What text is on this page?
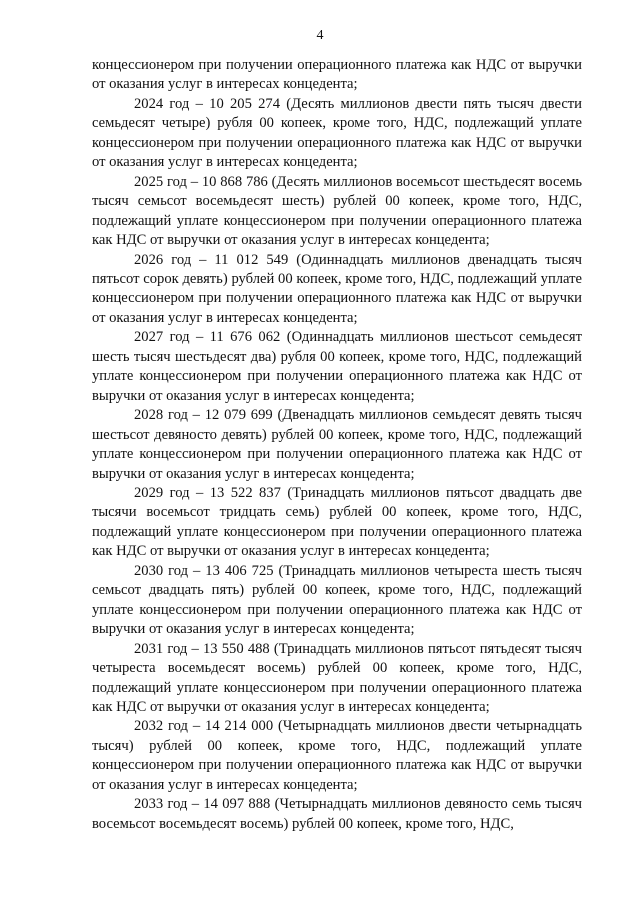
4

концессионером при получении операционного платежа как НДС от выручки от оказания услуг в интересах концедента;

2024 год – 10 205 274 (Десять миллионов двести пять тысяч двести семьдесят четыре) рубля 00 копеек, кроме того, НДС, подлежащий уплате концессионером при получении операционного платежа как НДС от выручки от оказания услуг в интересах концедента;

2025 год – 10 868 786 (Десять миллионов восемьсот шестьдесят восемь тысяч семьсот восемьдесят шесть) рублей 00 копеек, кроме того, НДС, подлежащий уплате концессионером при получении операционного платежа как НДС от выручки от оказания услуг в интересах концедента;

2026 год – 11 012 549 (Одиннадцать миллионов двенадцать тысяч пятьсот сорок девять) рублей 00 копеек, кроме того, НДС, подлежащий уплате концессионером при получении операционного платежа как НДС от выручки от оказания услуг в интересах концедента;

2027 год – 11 676 062 (Одиннадцать миллионов шестьсот семьдесят шесть тысяч шестьдесят два) рубля 00 копеек, кроме того, НДС, подлежащий уплате концессионером при получении операционного платежа как НДС от выручки от оказания услуг в интересах концедента;

2028 год – 12 079 699 (Двенадцать миллионов семьдесят девять тысяч шестьсот девяносто девять) рублей 00 копеек, кроме того, НДС, подлежащий уплате концессионером при получении операционного платежа как НДС от выручки от оказания услуг в интересах концедента;

2029 год – 13 522 837 (Тринадцать миллионов пятьсот двадцать две тысячи восемьсот тридцать семь) рублей 00 копеек, кроме того, НДС, подлежащий уплате концессионером при получении операционного платежа как НДС от выручки от оказания услуг в интересах концедента;

2030 год – 13 406 725 (Тринадцать миллионов четыреста шесть тысяч семьсот двадцать пять) рублей 00 копеек, кроме того, НДС, подлежащий уплате концессионером при получении операционного платежа как НДС от выручки от оказания услуг в интересах концедента;

2031 год – 13 550 488 (Тринадцать миллионов пятьсот пятьдесят тысяч четыреста восемьдесят восемь) рублей 00 копеек, кроме того, НДС, подлежащий уплате концессионером при получении операционного платежа как НДС от выручки от оказания услуг в интересах концедента;

2032 год – 14 214 000 (Четырнадцать миллионов двести четырнадцать тысяч) рублей 00 копеек, кроме того, НДС, подлежащий уплате концессионером при получении операционного платежа как НДС от выручки от оказания услуг в интересах концедента;

2033 год – 14 097 888 (Четырнадцать миллионов девяносто семь тысяч восемьсот восемьдесят восемь) рублей 00 копеек, кроме того, НДС,
